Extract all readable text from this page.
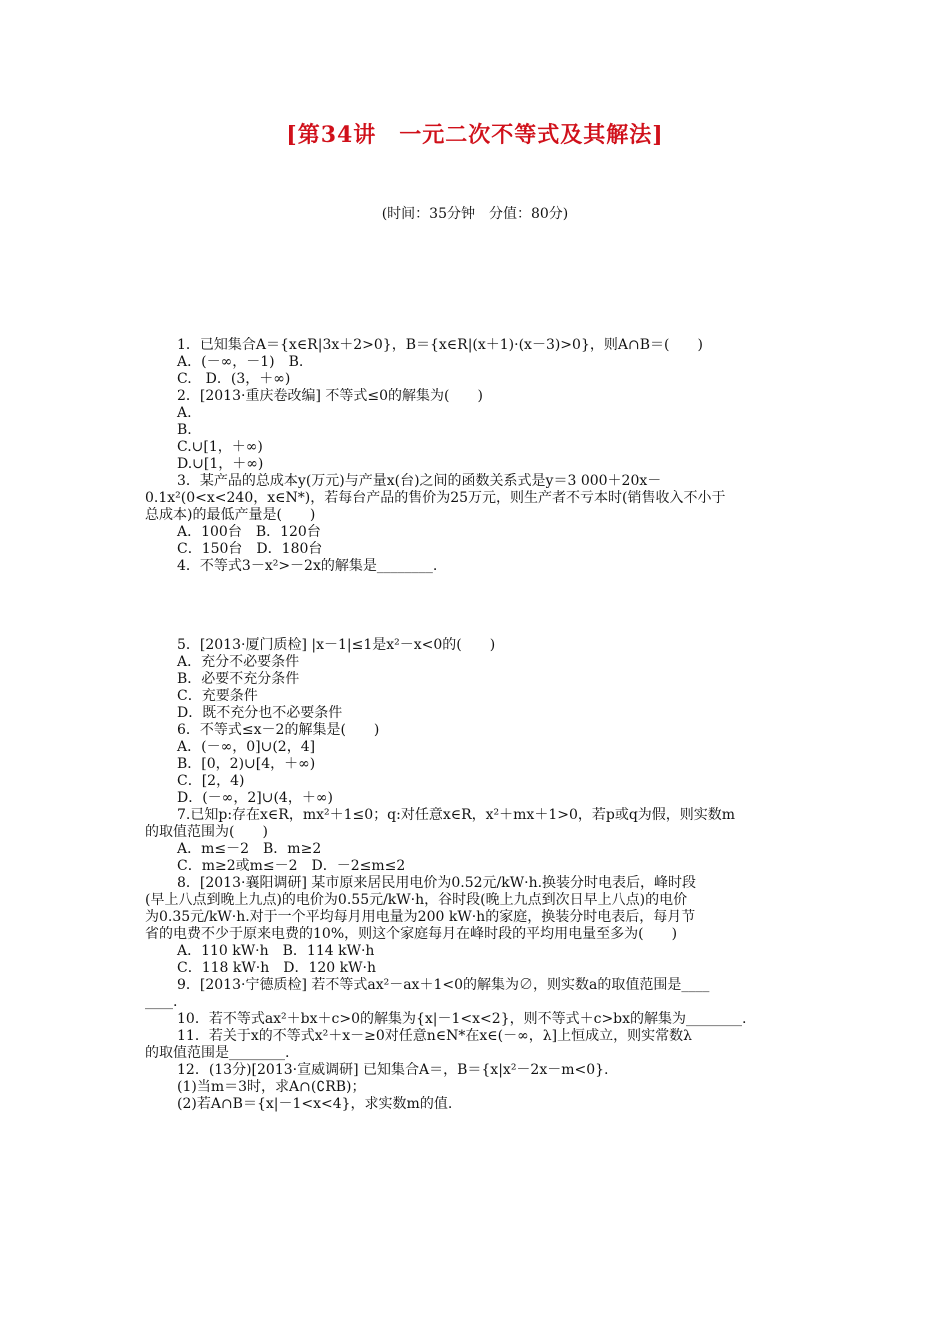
[第34讲　一元二次不等式及其解法]
(时间：35分钟　分值：80分)
1．已知集合A＝{x∈R|3x＋2>0}，B＝{x∈R|(x＋1)·(x－3)>0}，则A∩B＝(　　)
A．(－∞，－1)　B.
C.　D．(3，＋∞)
2．[2013·重庆卷改编] 不等式≤0的解集为(　　)
A.
B.
C.∪[1，＋∞)
D.∪[1，＋∞)
3．某产品的总成本y(万元)与产量x(台)之间的函数关系式是y＝3 000＋20x－
0.1x²(0<x<240，x∈N*)，若每台产品的售价为25万元，则生产者不亏本时(销售收入不小于
总成本)的最低产量是(　　)
A．100台　B．120台
C．150台　D．180台
4．不等式3－x²>－2x的解集是________.
5．[2013·厦门质检] |x－1|≤1是x²－x<0的(　　)
A．充分不必要条件
B．必要不充分条件
C．充要条件
D．既不充分也不必要条件
6．不等式≤x－2的解集是(　　)
A．(－∞，0]∪(2，4]
B．[0，2)∪[4，＋∞)
C．[2，4)
D．(－∞，2]∪(4，＋∞)
7.已知p:存在x∈R，mx²＋1≤0；q:对任意x∈R，x²＋mx＋1>0，若p或q为假，则实数m
的取值范围为(　　)
A．m≤－2　B．m≥2
C．m≥2或m≤－2　D．－2≤m≤2
8．[2013·襄阳调研] 某市原来居民用电价为0.52元/kW·h.换装分时电表后，峰时段
(早上八点到晚上九点)的电价为0.55元/kW·h，谷时段(晚上九点到次日早上八点)的电价
为0.35元/kW·h.对于一个平均每月用电量为200 kW·h的家庭，换装分时电表后，每月节
省的电费不少于原来电费的10%，则这个家庭每月在峰时段的平均用电量至多为(　　)
A．110 kW·h　B．114 kW·h
C．118 kW·h　D．120 kW·h
9．[2013·宁德质检] 若不等式ax²－ax＋1<0的解集为∅，则实数a的取值范围是____
____.
10．若不等式ax²＋bx＋c>0的解集为{x|－1<x<2}，则不等式＋c>bx的解集为________.
11．若关于x的不等式x²＋x－≥0对任意n∈N*在x∈(－∞，λ]上恒成立，则实常数λ
的取值范围是________.
12．(13分)[2013·宣威调研] 已知集合A＝，B＝{x|x²－2x－m<0}.
(1)当m＝3时，求A∩(∁RB)；
(2)若A∩B＝{x|－1<x<4}，求实数m的值.
